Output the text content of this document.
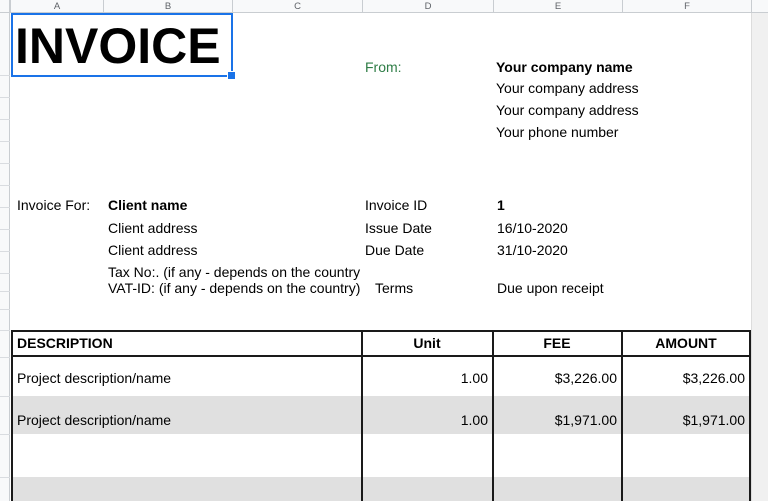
INVOICE	From:	Your company name
Your company address
Your company address
Your phone number
Invoice For: Client name
Client address
Client address
Tax No:. (if any - depends on the country
VAT-ID: (if any - depends on the country)
Invoice ID	1
Issue Date	16/10-2020
Due Date	31/10-2020
Terms	Due upon receipt
DESCRIPTION	Unit	FEE	AMOUNT
Project description/name	1.00	$3,226.00	$3,226.00
Project description/name	1.00	$1,971.00	$1,971.00
A	B	C	D	E	F
